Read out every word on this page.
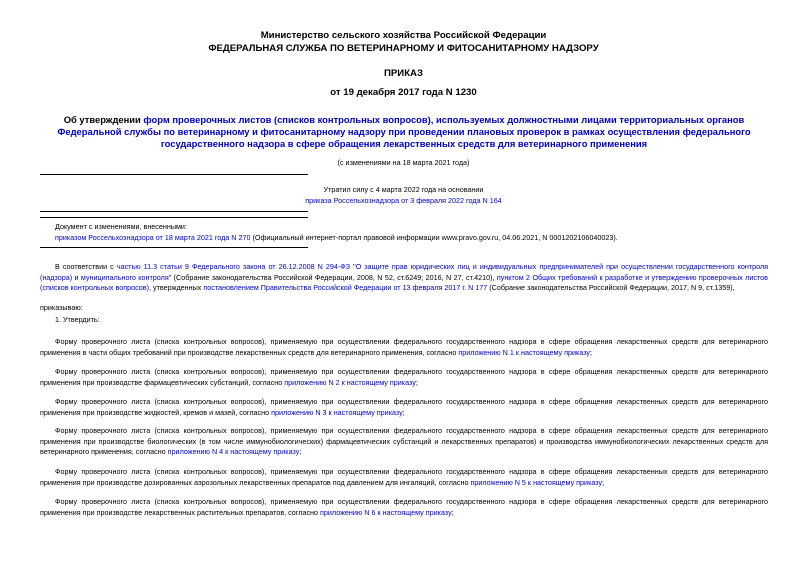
Министерство сельского хозяйства Российской Федерации
ФЕДЕРАЛЬНАЯ СЛУЖБА ПО ВЕТЕРИНАРНОМУ И ФИТОСАНИТАРНОМУ НАДЗОРУ
ПРИКАЗ
от 19 декабря 2017 года N 1230
Об утверждении форм проверочных листов (списков контрольных вопросов), используемых должностными лицами территориальных органов Федеральной службы по ветеринарному и фитосанитарному надзору при проведении плановых проверок в рамках осуществления федерального государственного надзора в сфере обращения лекарственных средств для ветеринарного применения
(с изменениями на 18 марта 2021 года)
Утратил силу с 4 марта 2022 года на основании
приказа Россельхознадзора от 3 февраля 2022 года N 164
Документ с изменениями, внесенными:
приказом Россельхознадзора от 18 марта 2021 года N 270 (Официальный интернет-портал правовой информации www.pravo.gov.ru, 04.06.2021, N 0001202106040023).
В соответствии с частью 11.3 статьи 9 Федерального закона от 26.12.2008 N 294-ФЗ "О защите прав юридических лиц и индивидуальных предпринимателей при осуществлении государственного контроля (надзора) и муниципального контроля" (Собрание законодательства Российской Федерации, 2008, N 52, ст.6249; 2016, N 27, ст.4210), пунктом 2 Общих требований к разработке и утверждению проверочных листов (списков контрольных вопросов), утвержденных постановлением Правительства Российской Федерации от 13 февраля 2017 г. N 177 (Собрание законодательства Российской Федерации, 2017, N 9, ст.1359),
приказываю:
1. Утвердить:
Форму проверочного листа (списка контрольных вопросов), применяемую при осуществлении федерального государственного надзора в сфере обращения лекарственных средств для ветеринарного применения в части общих требований при производстве лекарственных средств для ветеринарного применения, согласно приложению N 1 к настоящему приказу;
Форму проверочного листа (списка контрольных вопросов), применяемую при осуществлении федерального государственного надзора в сфере обращения лекарственных средств для ветеринарного применения при производстве фармацевтических субстанций, согласно приложению N 2 к настоящему приказу;
Форму проверочного листа (списка контрольных вопросов), применяемую при осуществлении федерального государственного надзора в сфере обращения лекарственных средств для ветеринарного применения при производстве жидкостей, кремов и мазей, согласно приложению N 3 к настоящему приказу;
Форму проверочного листа (списка контрольных вопросов), применяемую при осуществлении федерального государственного надзора в сфере обращения лекарственных средств для ветеринарного применения при производстве биологических (в том числе иммунобиологических) фармацевтических субстанций и лекарственных препаратов) и производства иммунобиологических лекарственных средств для ветеринарного применения, согласно приложению N 4 к настоящему приказу;
Форму проверочного листа (списка контрольных вопросов), применяемую при осуществлении федерального государственного надзора в сфере обращения лекарственных средств для ветеринарного применения при производстве дозированных аэрозольных лекарственных препаратов под давлением для ингаляций, согласно приложению N 5 к настоящему приказу;
Форму проверочного листа (списка контрольных вопросов), применяемую при осуществлении федерального государственного надзора в сфере обращения лекарственных средств для ветеринарного применения при производстве лекарственных растительных препаратов, согласно приложению N 6 к настоящему приказу;
